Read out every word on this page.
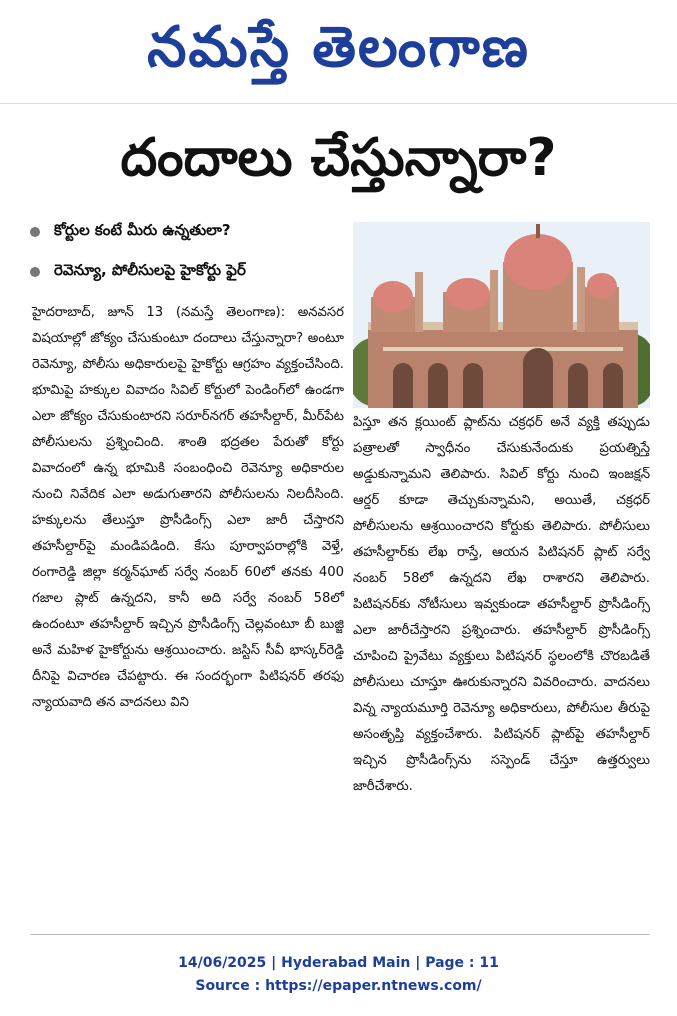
నమస్తే తెలంగాణ
దందాలు చేస్తున్నారా?
కోర్టుల కంటే మీరు ఉన్నతులా?
రెవెన్యూ, పోలీసులపై హైకోర్టు ఫైర్

హైదరాబాద్, జూన్ 13 (నమస్తే తెలంగాణ): అనవసర విషయాల్లో జోక్యం చేసుకుంటూ దందాలు చేస్తున్నారా? అంటూ రెవెన్యూ, పోలీసు అధికారులపై హైకోర్టు ఆగ్రహం వ్యక్తంచేసింది. భూమిపై హక్కుల వివాదం సివిల్ కోర్టులో పెండింగ్‌లో ఉండగా ఎలా జోక్యం చేసుకుంటారని సరూర్‌నగర్ తహసీల్దార్, మీర్‌పేట పోలీసులను ప్రశ్నించింది. శాంతి భద్రతల పేరుతో కోర్టు వివాదంలో ఉన్న భూమికి సంబంధించి రెవెన్యూ అధికారుల నుంచి నివేదిక ఎలా అడుగుతారని పోలీసులను నిలదీసింది. హక్కులను తేలుస్తూ ప్రొసీడింగ్స్ ఎలా జారీ చేస్తారని తహసీల్దార్‌పై మండిపడింది. కేసు పూర్వాపరాల్లోకి వెళ్తే, రంగారెడ్డి జిల్లా కర్మన్‌ఘాట్ సర్వే నంబర్ 60లో తనకు 400 గజాల ప్లాట్ ఉన్నదని, కానీ అది సర్వే నంబర్ 58లో ఉందంటూ తహసీల్దార్ ఇచ్చిన ప్రొసీడింగ్స్ చెల్లవంటూ బీ బుజ్జి అనే మహిళ హైకోర్టును ఆశ్రయించారు. జస్టిస్ సీవీ భాస్కర్‌రెడ్డి దీనిపై విచారణ చేపట్టారు. ఈ సందర్భంగా పిటిషనర్ తరఫు న్యాయవాది తన వాదనలు విని

పిస్తూ తన క్లయింట్ ప్లాట్‌ను చక్రధర్ అనే వ్యక్తి తప్పుడు పత్రాలతో స్వాధీనం చేసుకునేందుకు ప్రయత్నిస్తే అడ్డుకున్నామని తెలిపారు. సివిల్ కోర్టు నుంచి ఇంజక్షన్ ఆర్డర్ కూడా తెచ్చుకున్నామని, అయితే, చక్రధర్ పోలీసులను ఆశ్రయించారని కోర్టుకు తెలిపారు. పోలీసులు తహసీల్దార్‌కు లేఖ రాస్తే, ఆయన పిటిషనర్ ప్లాట్ సర్వే నంబర్ 58లో ఉన్నదని లేఖ రాశారని తెలిపారు. పిటిషనర్‌కు నోటీసులు ఇవ్వకుండా తహసీల్దార్ ప్రొసీడింగ్స్ ఎలా జారీచేస్తారని ప్రశ్నించారు. తహసీల్దార్ ప్రొసీడింగ్స్ చూపించి ప్రైవేటు వ్యక్తులు పిటిషనర్ స్థలంలోకి చొరబడితే పోలీసులు చూస్తూ ఊరుకున్నారని వివరించారు. వాదనలు విన్న న్యాయమూర్తి రెవెన్యూ అధికారులు, పోలీసుల తీరుపై అసంతృప్తి వ్యక్తంచేశారు. పిటిషనర్ ప్లాట్‌పై తహసీల్దార్ ఇచ్చిన ప్రొసీడింగ్స్‌ను సస్పెండ్ చేస్తూ ఉత్తర్వులు జారీచేశారు.

14/06/2025 | Hyderabad Main | Page : 11
Source : https://epaper.ntnews.com/
